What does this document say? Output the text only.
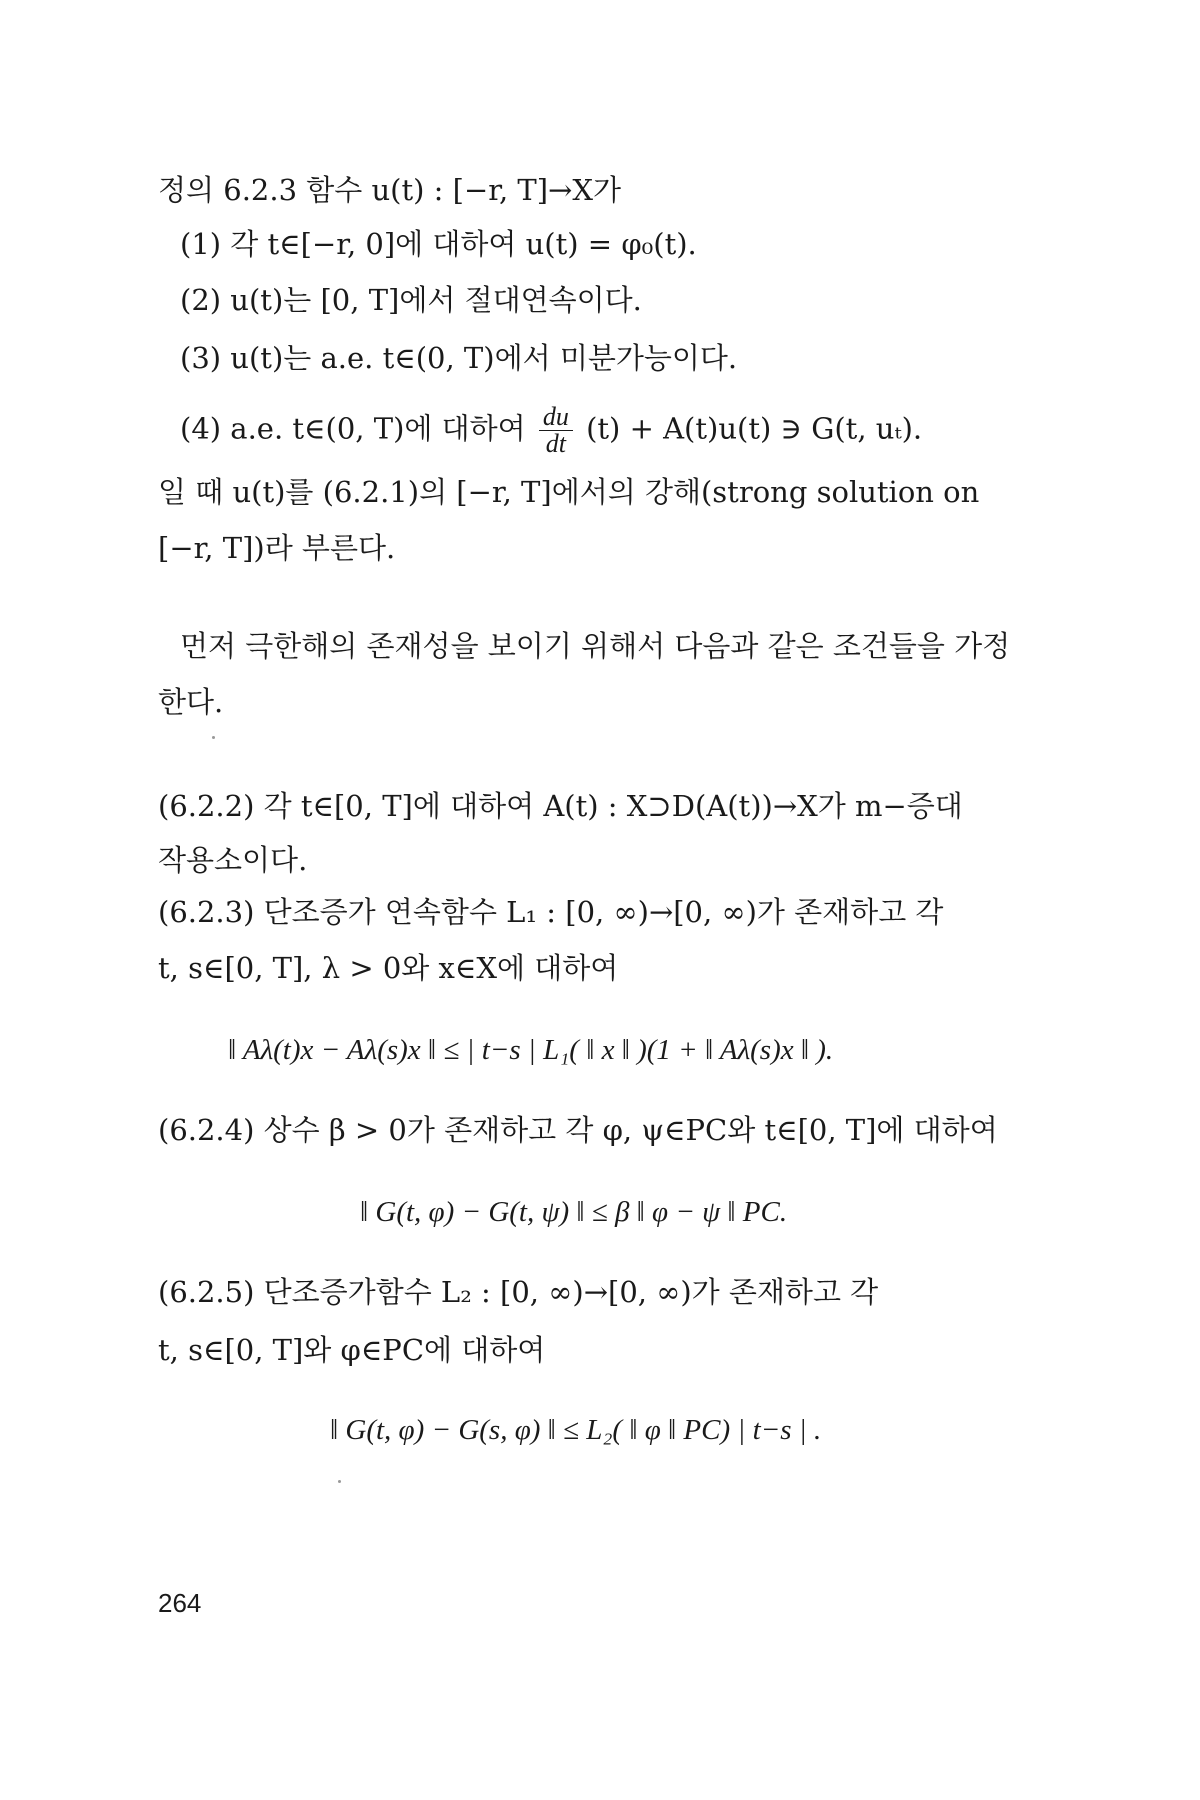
정의 6.2.3 함수 u(t) : [−r, T]→X가
(1) 각 t∈[−r, 0]에 대하여 u(t) = φ₀(t).
(2) u(t)는 [0, T]에서 절대연속이다.
(3) u(t)는 a.e. t∈(0, T)에서 미분가능이다.
(4) a.e. t∈(0, T)에 대하여 $\frac{du}{dt} (t) + A(t)u(t)$ ∋ G(t, uₜ).
일 때 u(t)를 (6.2.1)의 [−r, T]에서의 강해(strong solution on
[−r, T])라 부른다.
먼저 극한해의 존재성을 보이기 위해서 다음과 같은 조건들을 가정
한다.
(6.2.2) 각 t∈[0, T]에 대하여 A(t) : X⊃D(A(t))→X가 m−증대
작용소이다.
(6.2.3) 단조증가 연속함수 L₁ : [0, ∞)→[0, ∞)가 존재하고 각
t, s∈[0, T], λ > 0와 x∈X에 대하여
‖ Aλ(t)x − Aλ(s)x ‖ ≤ | t−s | L₁( ‖ x ‖ )(1 + ‖ Aλ(s)x ‖ ).
(6.2.4) 상수 β > 0가 존재하고 각 φ, ψ∈PC와 t∈[0, T]에 대하여
‖ G(t, φ) − G(t, ψ) ‖ ≤ β ‖ φ − ψ ‖ PC.
(6.2.5) 단조증가함수 L₂ : [0, ∞)→[0, ∞)가 존재하고 각
t, s∈[0, T]와 φ∈PC에 대하여
‖ G(t, φ) − G(s, φ) ‖ ≤ L₂( ‖ φ ‖ PC) | t−s | .
264
